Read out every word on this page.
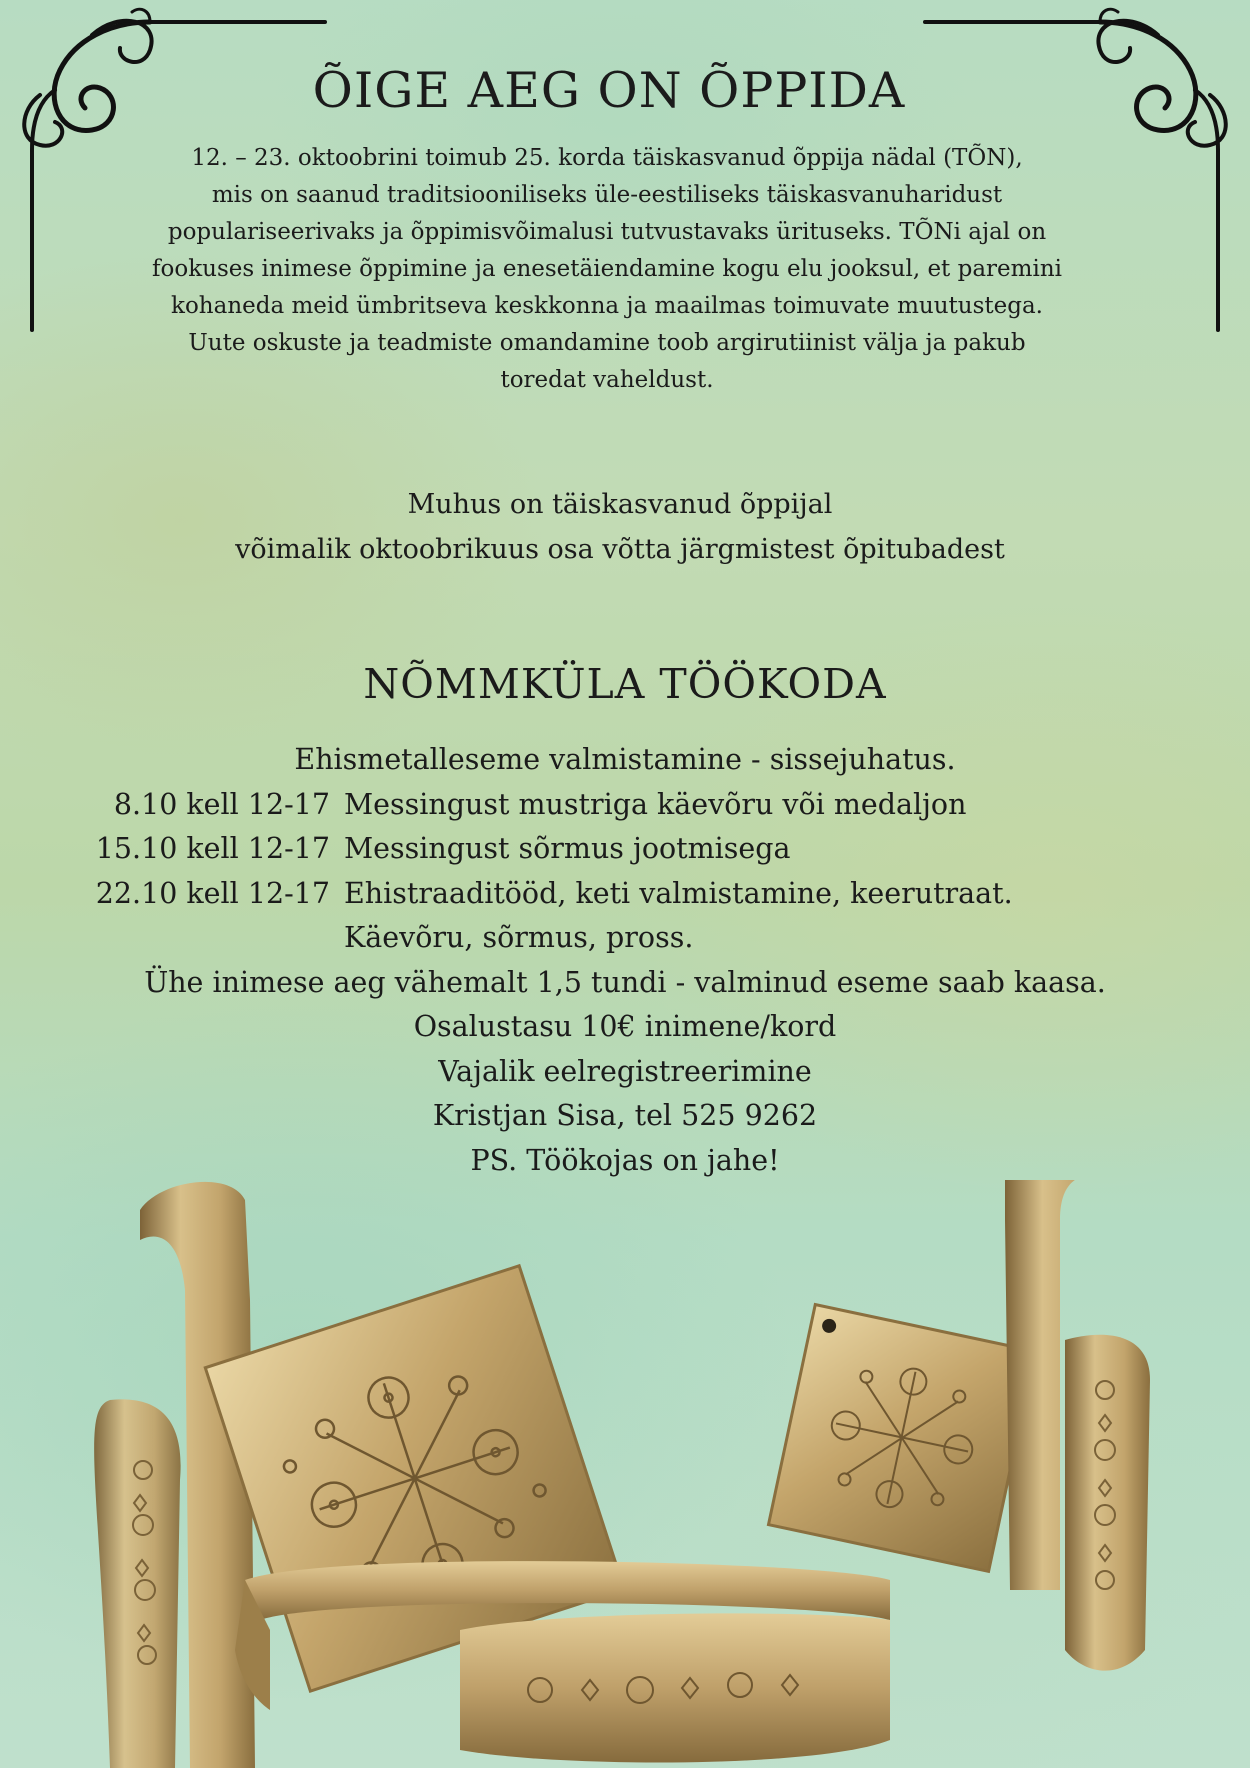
ÕIGE AEG ON ÕPPIDA

12. – 23. oktoobrini toimub 25. korda täiskasvanud õppija nädal (TÕN),
mis on saanud traditsiooniliseks üle-eestiliseks täiskasvanuharidust
populariseerivaks ja õppimisvõimalusi tutvustavaks ürituseks. TÕNi ajal on
fookuses inimese õppimine ja enesetäiendamine kogu elu jooksul, et paremini
kohaneda meid ümbritseva keskkonna ja maailmas toimuvate muutustega.
Uute oskuste ja teadmiste omandamine toob argirutiinist välja ja pakub
toredat vaheldust.

Muhus on täiskasvanud õppijal
võimalik oktoobrikuus osa võtta järgmistest õpitubadest

NÕMMKÜLA TÖÖKODA
Ehismetalleseme valmistamine - sissejuhatus.
8.10 kell 12-17 Messingust mustriga käevõru või medaljon
15.10 kell 12-17 Messingust sõrmus jootmisega
22.10 kell 12-17 Ehistraaditööd, keti valmistamine, keerutraat.
Käevõru, sõrmus, pross.
Ühe inimese aeg vähemalt 1,5 tundi - valminud eseme saab kaasa.
Osalustasu 10€ inimene/kord
Vajalik eelregistreerimine
Kristjan Sisa, tel 525 9262
PS. Töökojas on jahe!
